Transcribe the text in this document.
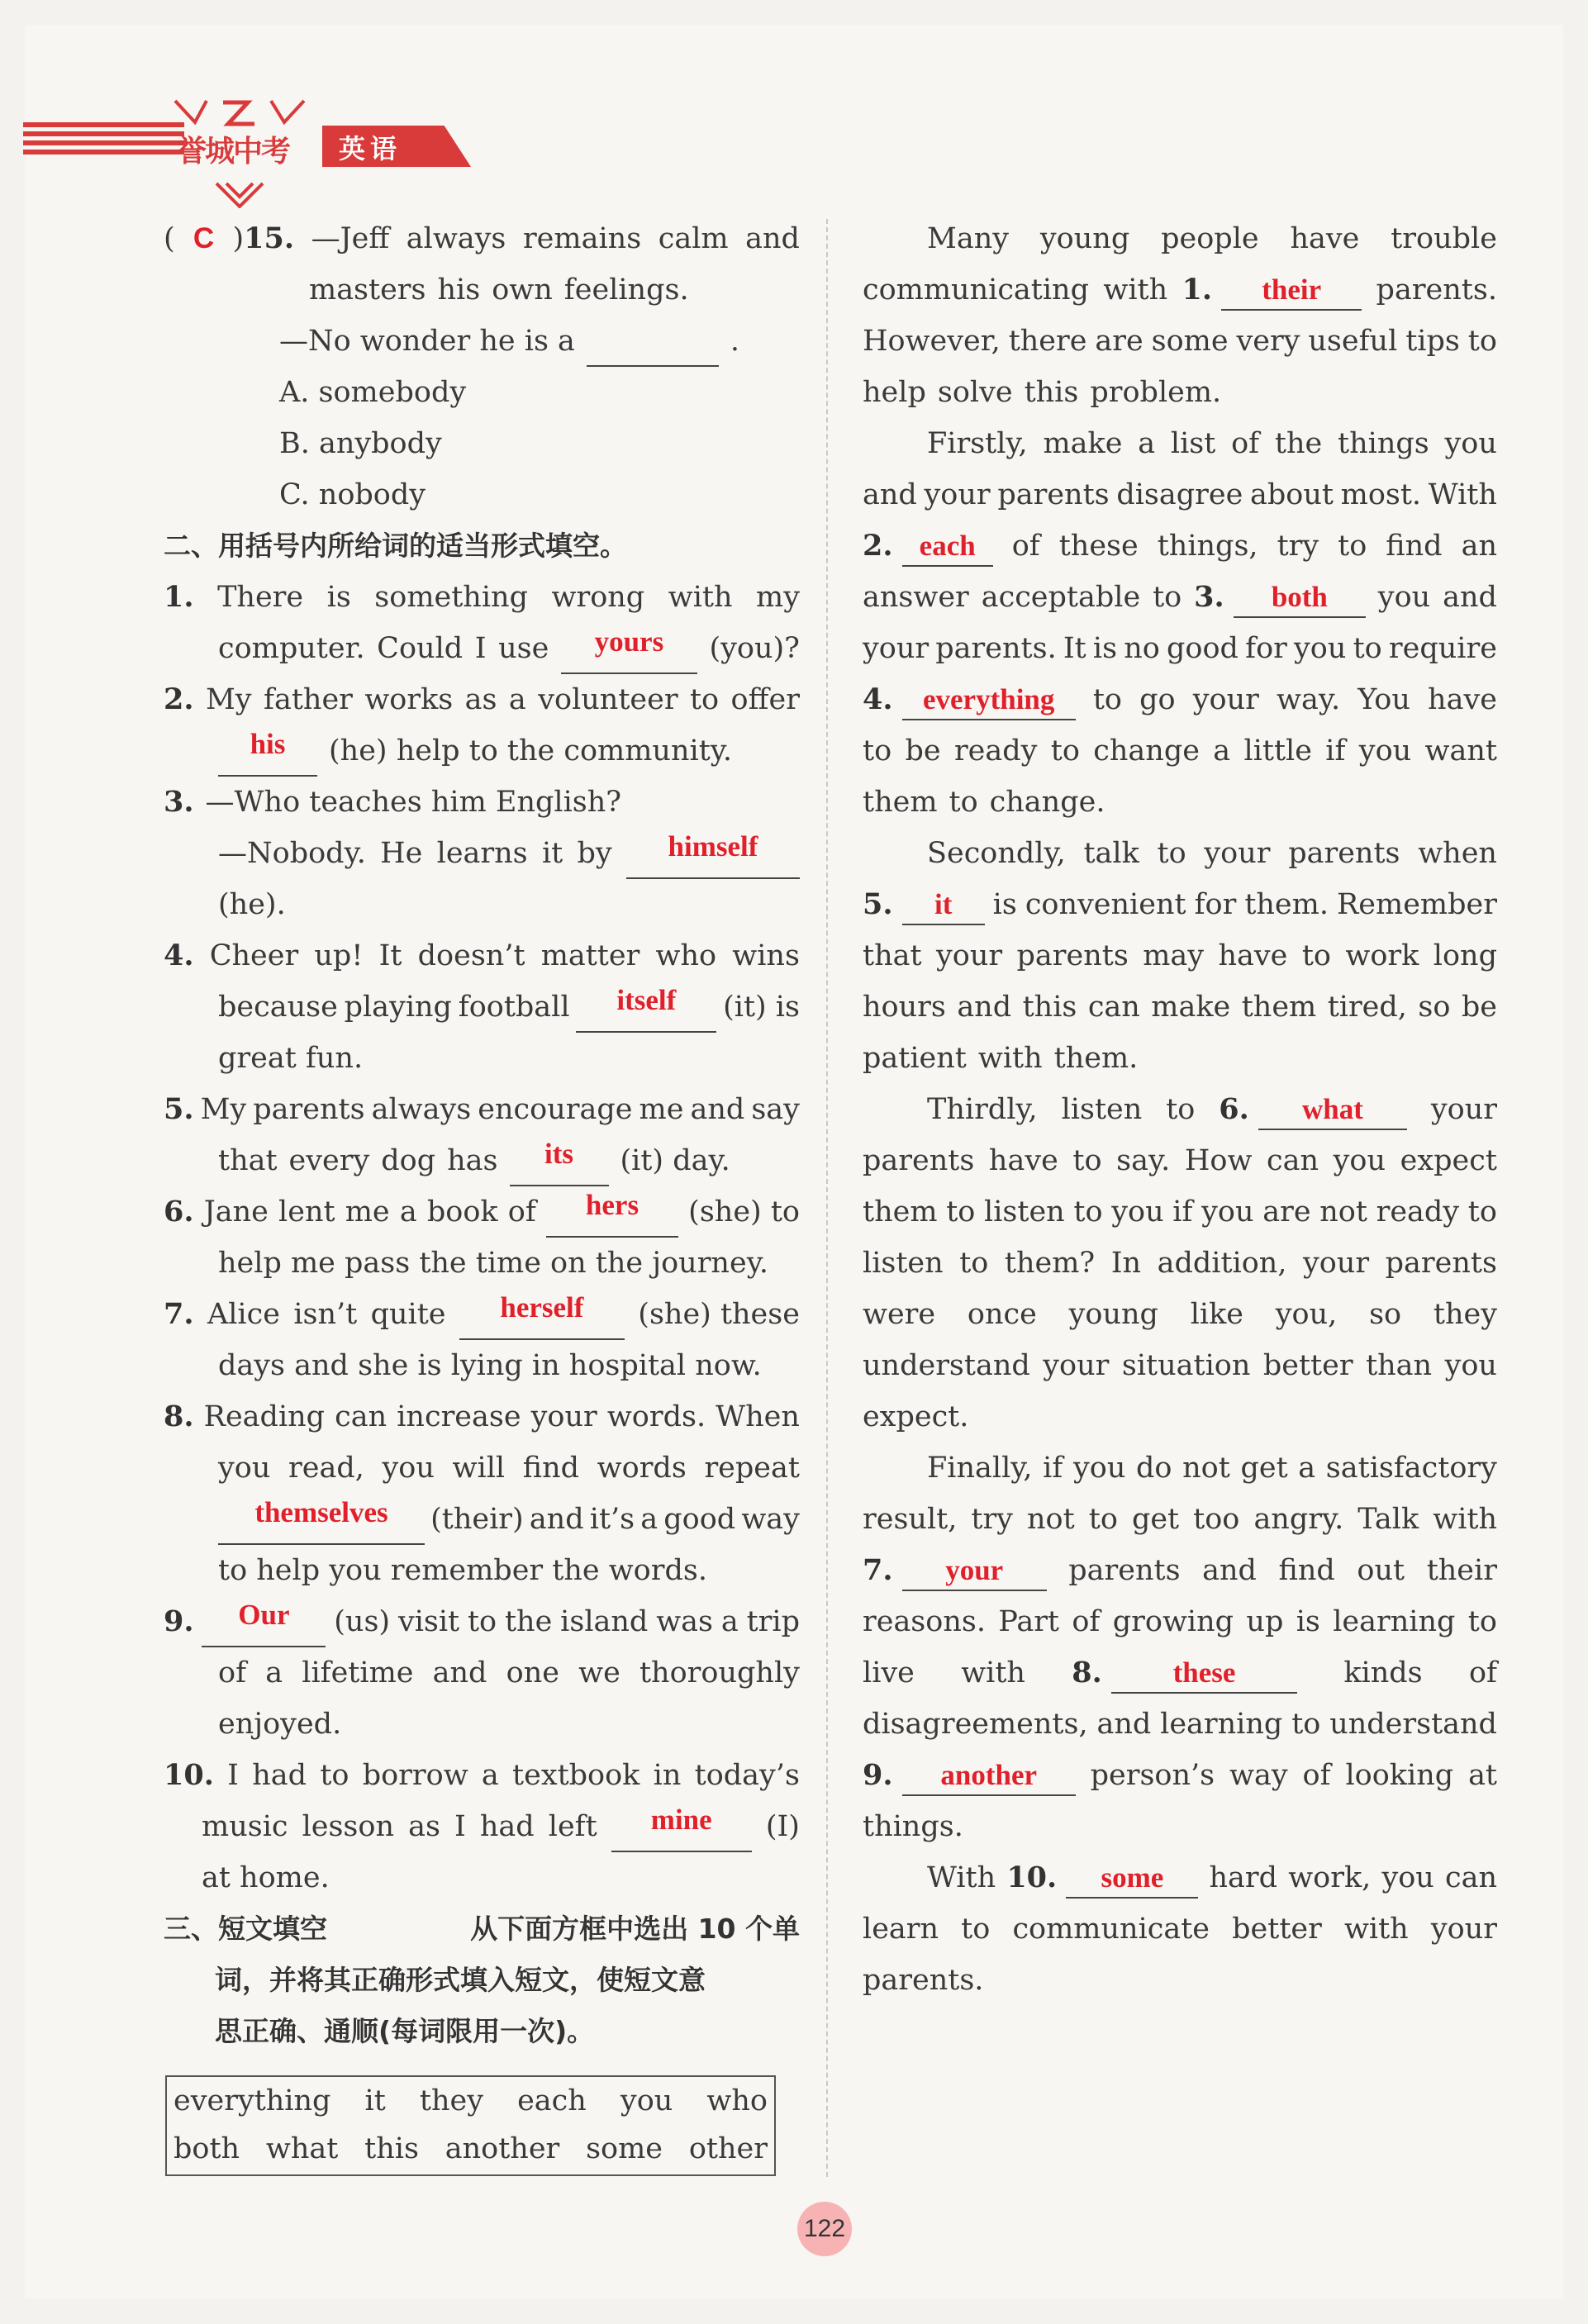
誉城中考 英语
( C )15. —Jeff always remains calm and
masters his own feelings.
—No wonder he is a	.
A. somebody
B. anybody
C. nobody
二、用括号内所给词的适当形式填空。
1. There is something wrong with my
computer. Could I use	yours	(you)?
2. My father works as a volunteer to offer
his	(he) help to the community.
3. —Who teaches him English?
—Nobody. He learns it by	himself
(he).
4. Cheer up! It doesn’t matter who wins
because playing football	itself	(it) is
great fun.
5. My parents always encourage me and say
that every dog has	its	(it) day.
6. Jane lent me a book of	hers	(she) to
help me pass the time on the journey.
7. Alice isn’t quite	herself	(she) these
days and she is lying in hospital now.
8. Reading can increase your words. When
you read, you will find words repeat
themselves	(their) and it’s a good way
to help you remember the words.
9.	Our	(us) visit to the island was a trip
of a lifetime and one we thoroughly
enjoyed.
10. I had to borrow a textbook in today’s
music lesson as I had left	mine	(I)
at home.
三、短文填空	从下面方框中选出 10 个单
词，并将其正确形式填入短文，使短文意
思正确、通顺(每词限用一次)。
everything it they each you who
both what this another some other
Many young people have trouble
communicating with 1. their	parents.
However, there are some very useful tips to
help solve this problem.
Firstly, make a list of the things you
and your parents disagree about most. With
2. each	of these things, try to find an
answer acceptable to 3. both	you and
your parents. It is no good for you to require
4. everything	to go your way. You have
to be ready to change a little if you want
them to change.
Secondly, talk to your parents when
5. it	is convenient for them. Remember
that your parents may have to work long
hours and this can make them tired, so be
patient with them.
Thirdly, listen to 6. what	your
parents have to say. How can you expect
them to listen to you if you are not ready to
listen to them? In addition, your parents
were once young like you, so they
understand your situation better than you
expect.
Finally, if you do not get a satisfactory
result, try not to get too angry. Talk with
7. your	parents and find out their
reasons. Part of growing up is learning to
live with 8. these	kinds of
disagreements, and learning to understand
9. another	person’s way of looking at
things.
With 10. some	hard work, you can
learn to communicate better with your
parents.
122
